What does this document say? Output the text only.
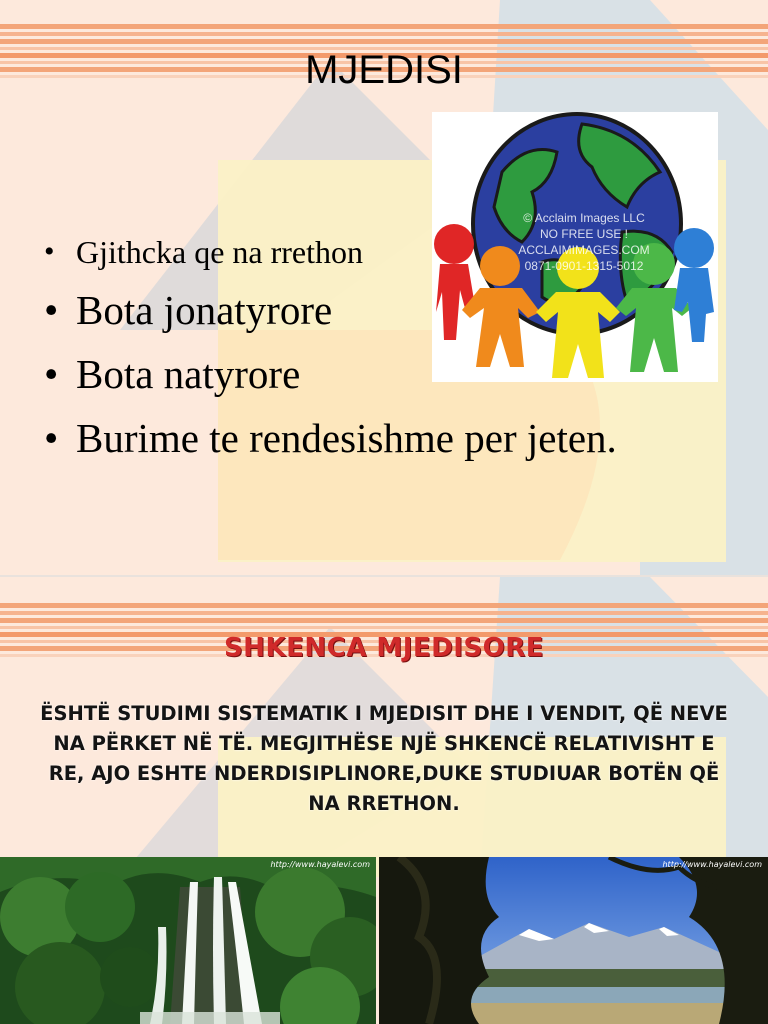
MJEDISI
• Gjithcka qe na rrethon
• Bota jonatyrore
• Bota natyrore
• Burime te rendesishme per jeten.
© Acclaim Images LLC
NO FREE USE !
ACCLAIMIMAGES.COM
0871-0901-1315-5012
SHKENCA MJEDISORE
ËSHTË STUDIMI SISTEMATIK I MJEDISIT DHE I VENDIT, QË NEVE NA PËRKET NË TË. MEGJITHËSE NJË SHKENCË RELATIVISHT E RE, AJO ESHTE NDERDISIPLINORE,DUKE STUDIUAR BOTËN QË NA RRETHON.
http://www.hayalevi.com	http://www.hayalevi.com
